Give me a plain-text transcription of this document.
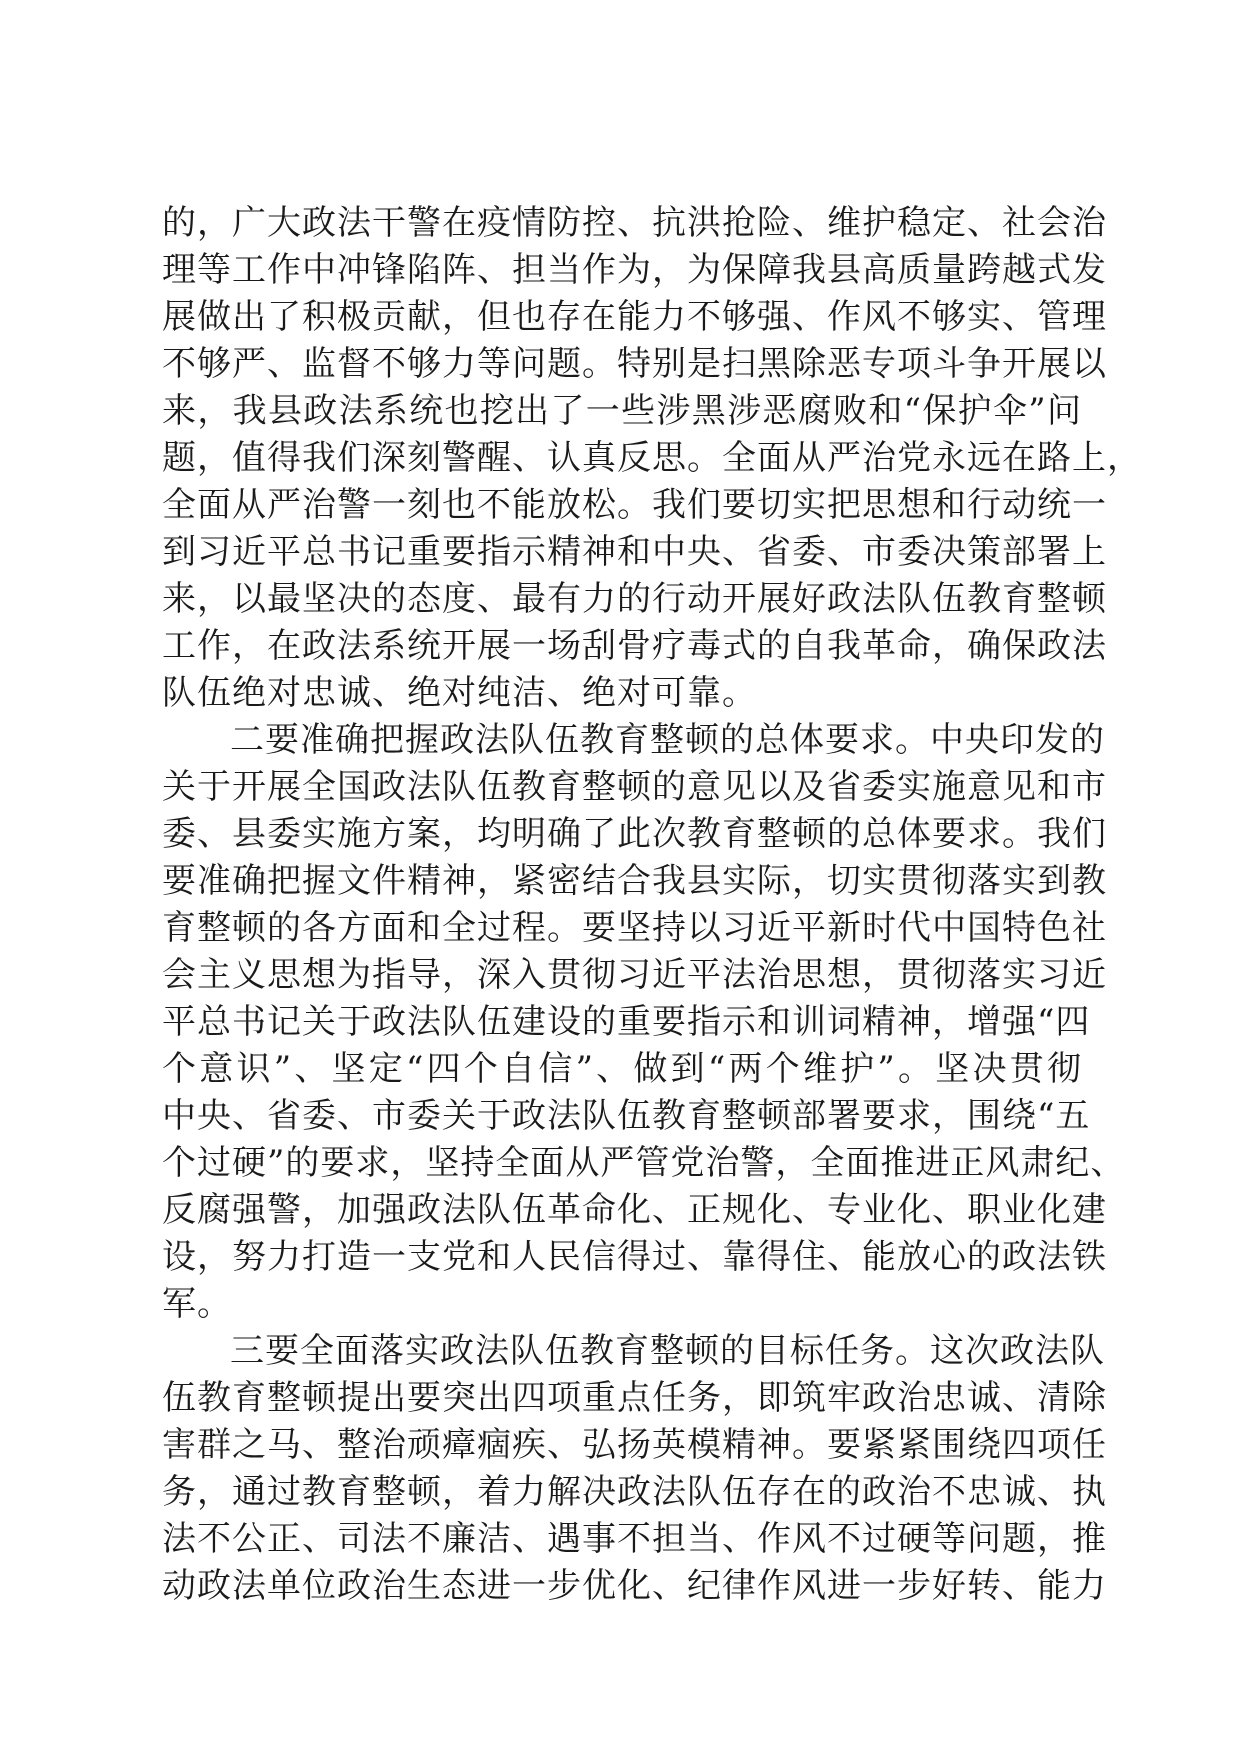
的，广大政法干警在疫情防控、抗洪抢险、维护稳定、社会治
理等工作中冲锋陷阵、担当作为，为保障我县高质量跨越式发
展做出了积极贡献，但也存在能力不够强、作风不够实、管理
不够严、监督不够力等问题。特别是扫黑除恶专项斗争开展以
来，我县政法系统也挖出了一些涉黑涉恶腐败和“保护伞”问
题，值得我们深刻警醒、认真反思。全面从严治党永远在路上，
全面从严治警一刻也不能放松。我们要切实把思想和行动统一
到习近平总书记重要指示精神和中央、省委、市委决策部署上
来，以最坚决的态度、最有力的行动开展好政法队伍教育整顿
工作，在政法系统开展一场刮骨疗毒式的自我革命，确保政法
队伍绝对忠诚、绝对纯洁、绝对可靠。
二要准确把握政法队伍教育整顿的总体要求。中央印发的
关于开展全国政法队伍教育整顿的意见以及省委实施意见和市
委、县委实施方案，均明确了此次教育整顿的总体要求。我们
要准确把握文件精神，紧密结合我县实际，切实贯彻落实到教
育整顿的各方面和全过程。要坚持以习近平新时代中国特色社
会主义思想为指导，深入贯彻习近平法治思想，贯彻落实习近
平总书记关于政法队伍建设的重要指示和训词精神，增强“四
个意识”、坚定“四个自信”、做到“两个维护”。坚决贯彻
中央、省委、市委关于政法队伍教育整顿部署要求，围绕“五
个过硬”的要求，坚持全面从严管党治警，全面推进正风肃纪、
反腐强警，加强政法队伍革命化、正规化、专业化、职业化建
设，努力打造一支党和人民信得过、靠得住、能放心的政法铁
军。
三要全面落实政法队伍教育整顿的目标任务。这次政法队
伍教育整顿提出要突出四项重点任务，即筑牢政治忠诚、清除
害群之马、整治顽瘴痼疾、弘扬英模精神。要紧紧围绕四项任
务，通过教育整顿，着力解决政法队伍存在的政治不忠诚、执
法不公正、司法不廉洁、遇事不担当、作风不过硬等问题，推
动政法单位政治生态进一步优化、纪律作风进一步好转、能力
